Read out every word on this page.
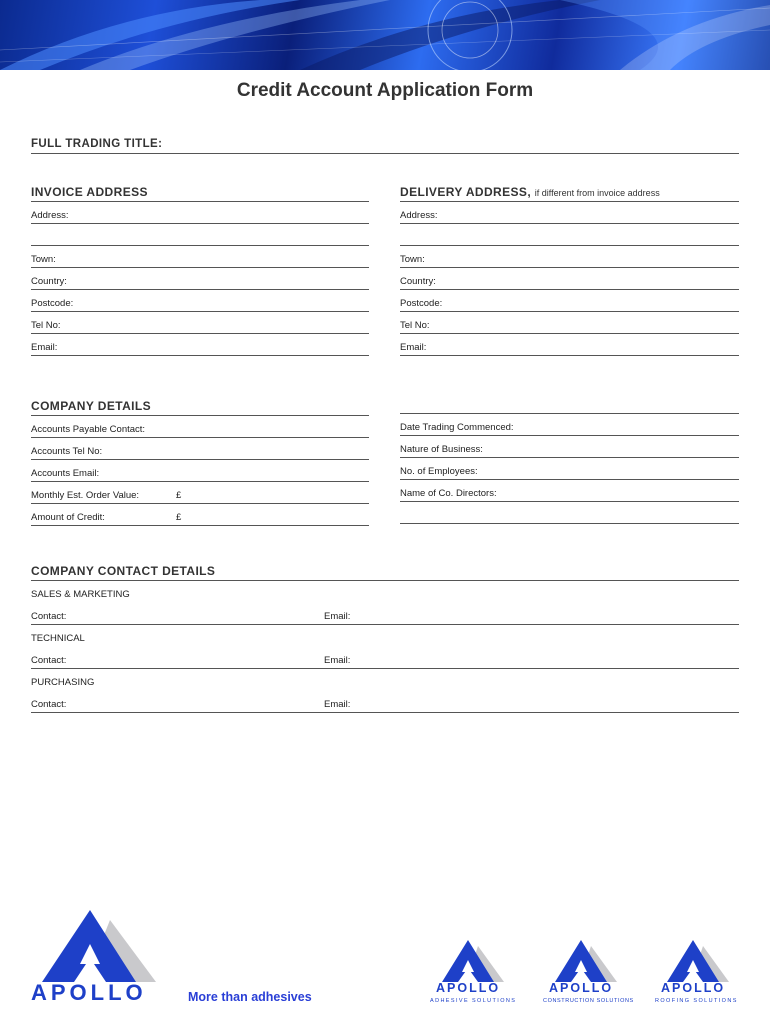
Credit Account Application Form
FULL TRADING TITLE:
INVOICE ADDRESS
Address:
Town:
Country:
Postcode:
Tel No:
Email:
DELIVERY ADDRESS, if different from invoice address
Address:
Town:
Country:
Postcode:
Tel No:
Email:
COMPANY DETAILS
Accounts Payable Contact:
Accounts Tel No:
Accounts Email:
Monthly Est. Order Value:	£
Amount of Credit:	£
Date Trading Commenced:
Nature of Business:
No. of Employees:
Name of Co. Directors:
COMPANY CONTACT DETAILS
SALES & MARKETING
Contact:	Email:
TECHNICAL
Contact:	Email:
PURCHASING
Contact:	Email:
APOLLO	More than adhesives
APOLLO
ADHESIVE SOLUTIONS
APOLLO
CONSTRUCTION SOLUTIONS
APOLLO
ROOFING SOLUTIONS
